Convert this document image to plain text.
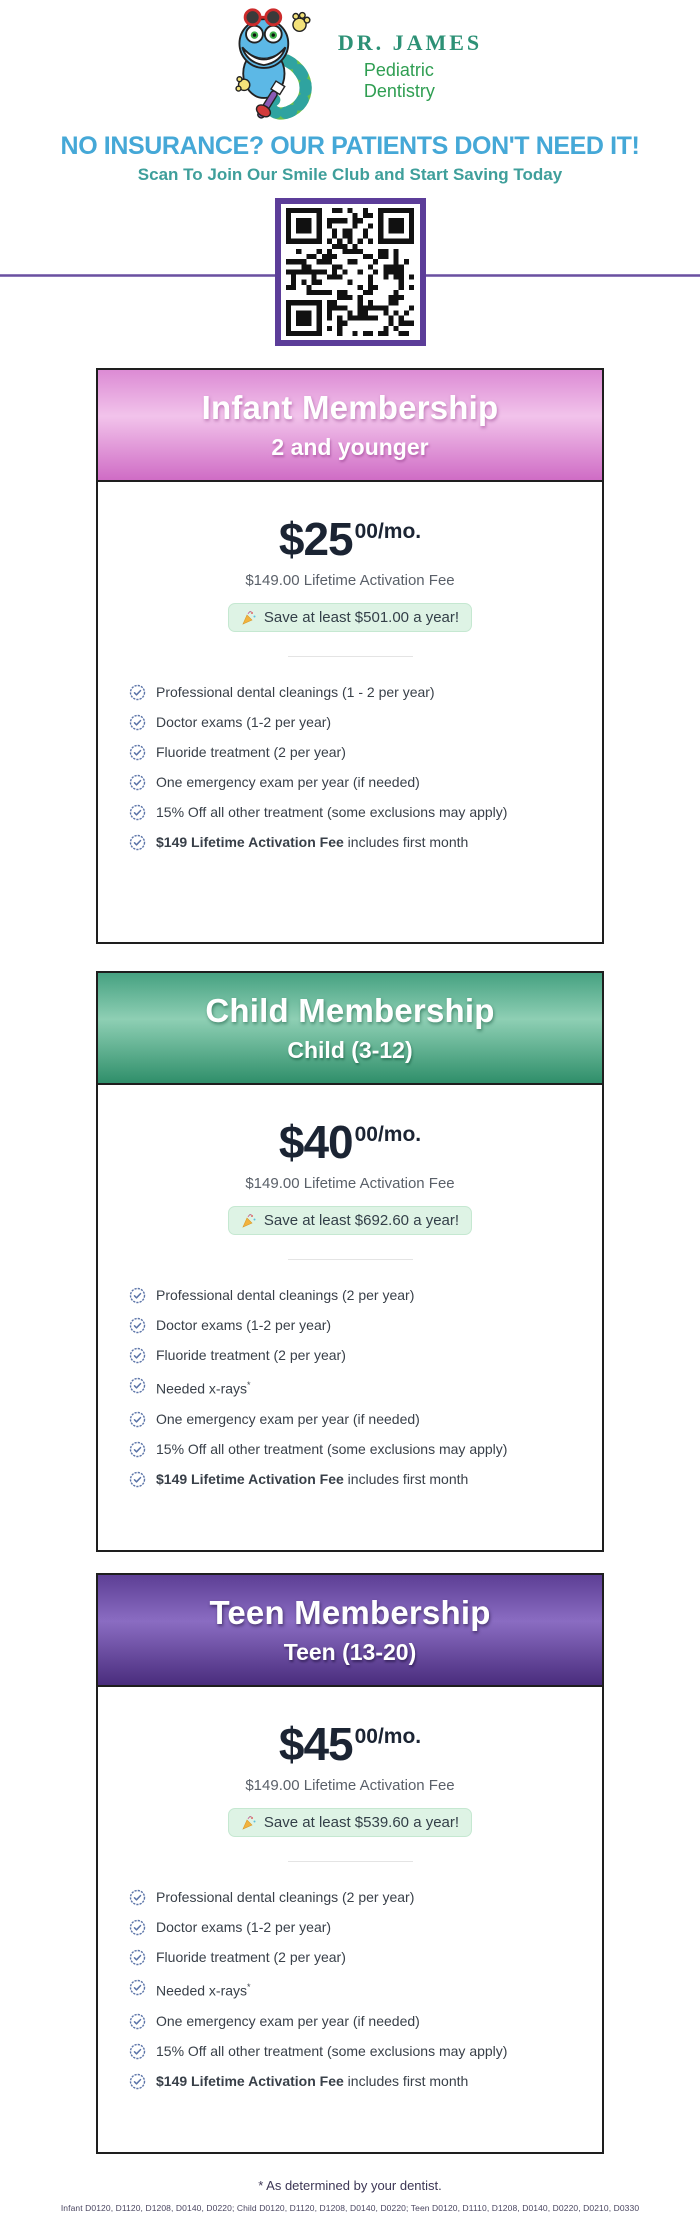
DR. JAMES
Pediatric
Dentistry
NO INSURANCE? OUR PATIENTS DON'T NEED IT!
Scan To Join Our Smile Club and Start Saving Today
Infant Membership
2 and younger
$\$25^{00/mo.}$
$149.00 Lifetime Activation Fee
Save at least $501.00 a year!
Professional dental cleanings (1 - 2 per year)
Doctor exams (1-2 per year)
Fluoride treatment (2 per year)
One emergency exam per year (if needed)
15% Off all other treatment (some exclusions may apply)
$149 Lifetime Activation Fee includes first month
Child Membership
Child (3-12)
$\$40^{00/mo.}$
$149.00 Lifetime Activation Fee
Save at least $692.60 a year!
Professional dental cleanings (2 per year)
Doctor exams (1-2 per year)
Fluoride treatment (2 per year)
Needed x-rays*
One emergency exam per year (if needed)
15% Off all other treatment (some exclusions may apply)
$149 Lifetime Activation Fee includes first month
Teen Membership
Teen (13-20)
$\$45^{00/mo.}$
$149.00 Lifetime Activation Fee
Save at least $539.60 a year!
Professional dental cleanings (2 per year)
Doctor exams (1-2 per year)
Fluoride treatment (2 per year)
Needed x-rays*
One emergency exam per year (if needed)
15% Off all other treatment (some exclusions may apply)
$149 Lifetime Activation Fee includes first month
* As determined by your dentist.
Infant D0120, D1120, D1208, D0140, D0220; Child D0120, D1120, D1208, D0140, D0220; Teen D0120, D1110, D1208, D0140, D0220, D0210, D0330
